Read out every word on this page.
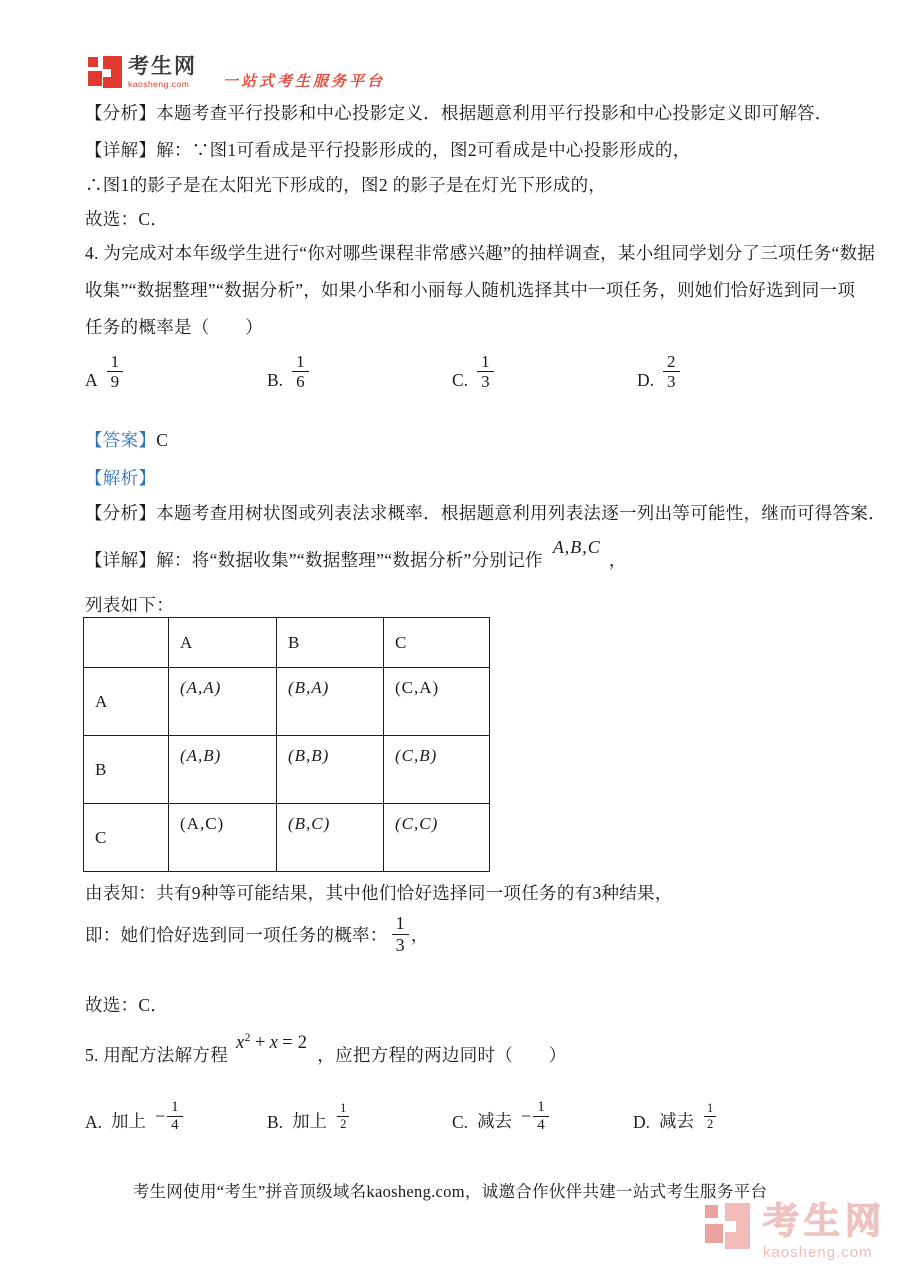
考生网
kaosheng.com	一站式考生服务平台
【分析】本题考查平行投影和中心投影定义．根据题意利用平行投影和中心投影定义即可解答．
【详解】解：∵图1可看成是平行投影形成的，图2可看成是中心投影形成的，
∴图1的影子是在太阳光下形成的，图2 的影子是在灯光下形成的，
故选：C．
4. 为完成对本年级学生进行“你对哪些课程非常感兴趣”的抽样调查，某小组同学划分了三项任务“数据
收集”“数据整理”“数据分析”，如果小华和小丽每人随机选择其中一项任务，则她们恰好选到同一项
任务的概率是（　　）
A $\frac{1}{9}$	B. $\frac{1}{6}$	C. $\frac{1}{3}$	D. $\frac{2}{3}$
【答案】C
【解析】
【分析】本题考查用树状图或列表法求概率．根据题意利用列表法逐一列出等可能性，继而可得答案．
【详解】解：将“数据收集”“数据整理”“数据分析”分别记作
A,B,C
，
列表如下：
	A	B	C
A	(A,A)	(B,A)	(C,A)
B	(A,B)	(B,B)	(C,B)
C	(A,C)	(B,C)	(C,C)
由表知：共有9种等可能结果，其中他们恰好选择同一项任务的有3种结果，
即：她们恰好选到同一项任务的概率： $\frac{1}{3}$ ，
故选：C．
5. 用配方法解方程
$x^2 + x = 2$
，应把方程的两边同时（　　）
A. 加上 − $\frac{1}{4}$	B. 加上 $\frac{1}{2}$	C. 减去 − $\frac{1}{4}$	D. 减去 $\frac{1}{2}$
考生网使用“考生”拼音顶级域名kaosheng.com，诚邀合作伙伴共建一站式考生服务平台
考生网
kaosheng.com
